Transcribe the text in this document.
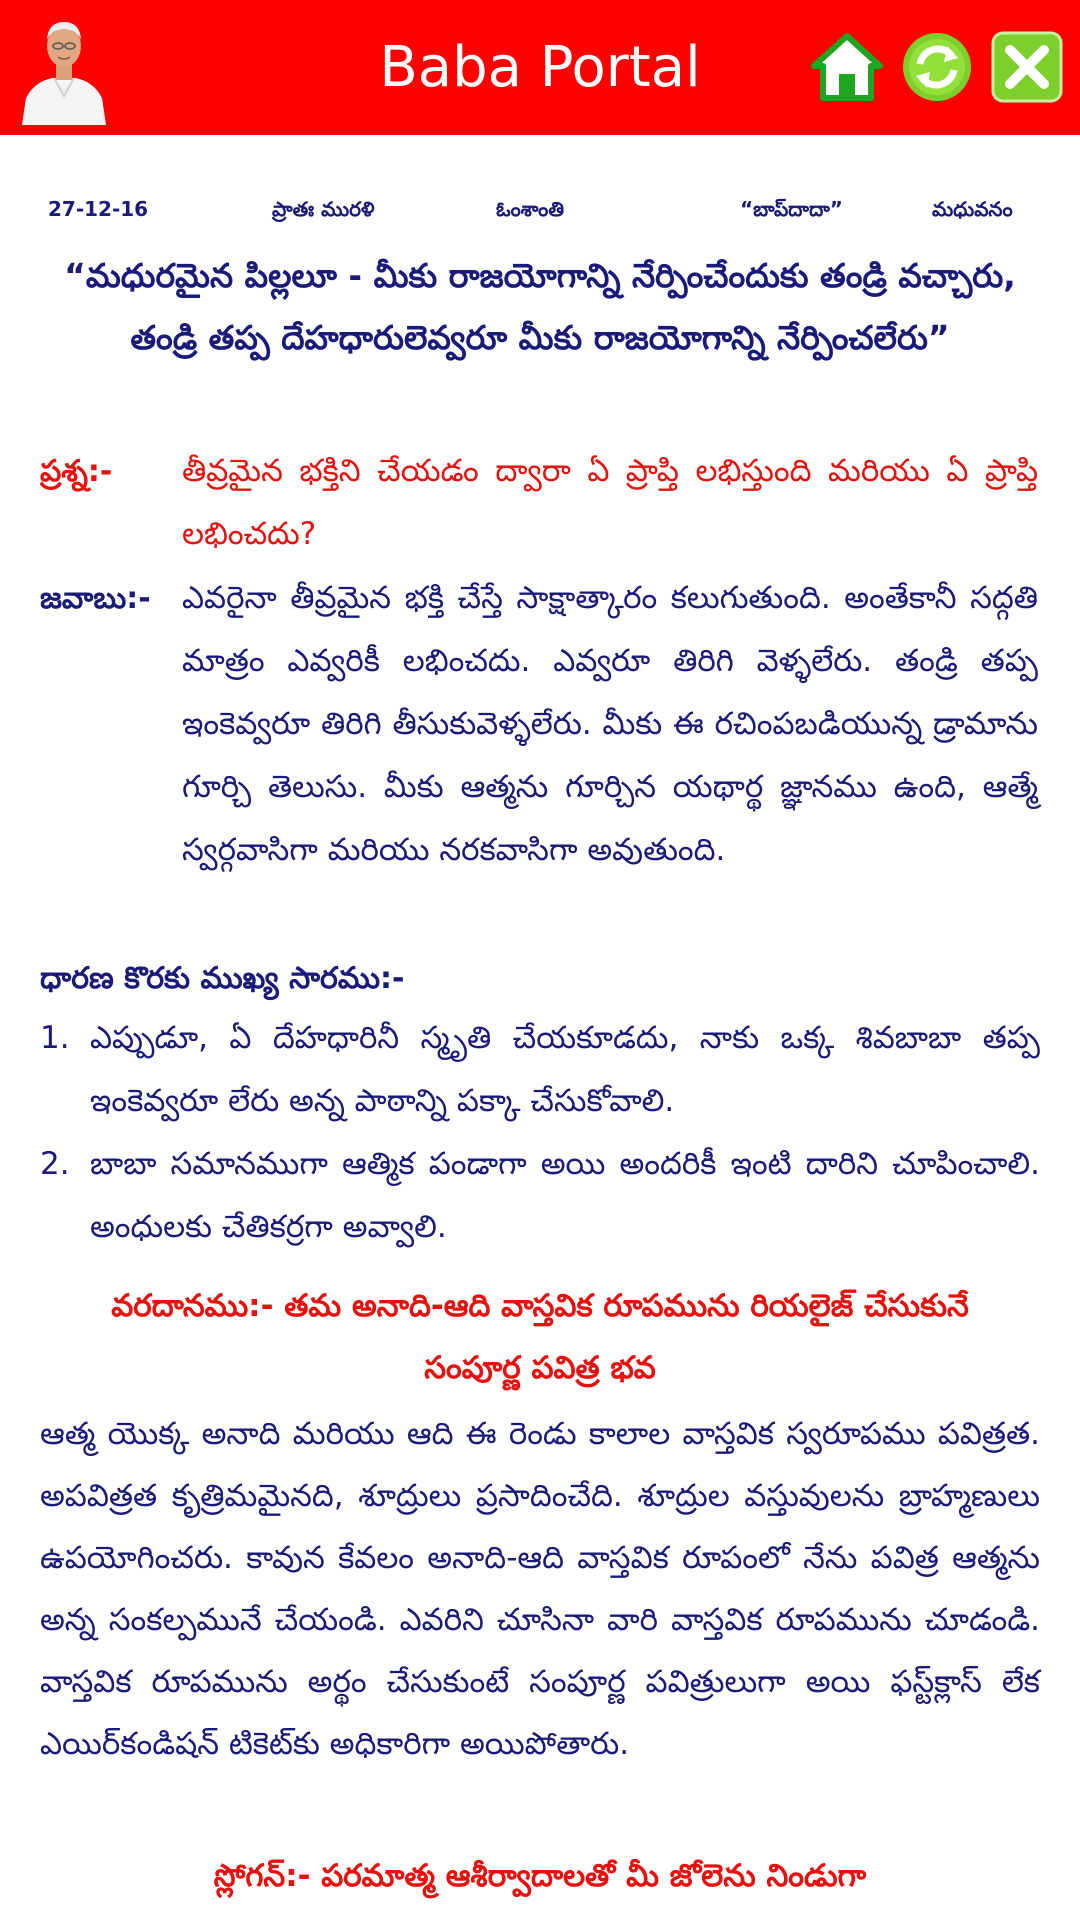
Baba Portal
27-12-16	ప్రాతః మురళి	ఓంశాంతి	“బాప్‌దాదా”	మధువనం
“మధురమైన పిల్లలూ - మీకు రాజయోగాన్ని నేర్పించేందుకు తండ్రి వచ్చారు, తండ్రి తప్ప దేహధారులెవ్వరూ మీకు రాజయోగాన్ని నేర్పించలేరు”
ప్రశ్న:-	తీవ్రమైన భక్తిని చేయడం ద్వారా ఏ ప్రాప్తి లభిస్తుంది మరియు ఏ ప్రాప్తి లభించదు?
జవాబు:-	ఎవరైనా తీవ్రమైన భక్తి చేస్తే సాక్షాత్కారం కలుగుతుంది. అంతేకానీ సద్గతి మాత్రం ఎవ్వరికీ లభించదు. ఎవ్వరూ తిరిగి వెళ్ళలేరు. తండ్రి తప్ప ఇంకెవ్వరూ తిరిగి తీసుకువెళ్ళలేరు. మీకు ఈ రచింపబడియున్న డ్రామాను గూర్చి తెలుసు. మీకు ఆత్మను గూర్చిన యథార్థ జ్ఞానము ఉంది, ఆత్మే స్వర్గవాసిగా మరియు నరకవాసిగా అవుతుంది.
ధారణ కొరకు ముఖ్య సారము:-
1. ఎప్పుడూ, ఏ దేహధారినీ స్మృతి చేయకూడదు, నాకు ఒక్క శివబాబా తప్ప ఇంకెవ్వరూ లేరు అన్న పాఠాన్ని పక్కా చేసుకోవాలి.
2. బాబా సమానముగా ఆత్మిక పండాగా అయి అందరికీ ఇంటి దారిని చూపించాలి. అంధులకు చేతికర్రగా అవ్వాలి.
వరదానము:- తమ అనాది-ఆది వాస్తవిక రూపమును రియలైజ్ చేసుకునే సంపూర్ణ పవిత్ర భవ
ఆత్మ యొక్క అనాది మరియు ఆది ఈ రెండు కాలాల వాస్తవిక స్వరూపము పవిత్రత. అపవిత్రత కృత్రిమమైనది, శూద్రులు ప్రసాదించేది. శూద్రుల వస్తువులను బ్రాహ్మణులు ఉపయోగించరు. కావున కేవలం అనాది-ఆది వాస్తవిక రూపంలో నేను పవిత్ర ఆత్మను అన్న సంకల్పమునే చేయండి. ఎవరిని చూసినా వారి వాస్తవిక రూపమును చూడండి. వాస్తవిక రూపమును అర్థం చేసుకుంటే సంపూర్ణ పవిత్రులుగా అయి ఫస్ట్‌క్లాస్ లేక ఎయిర్‌కండిషన్ టికెట్‌కు అధికారిగా అయిపోతారు.
స్లోగన్:- పరమాత్మ ఆశీర్వాదాలతో మీ జోలెను నిండుగా
